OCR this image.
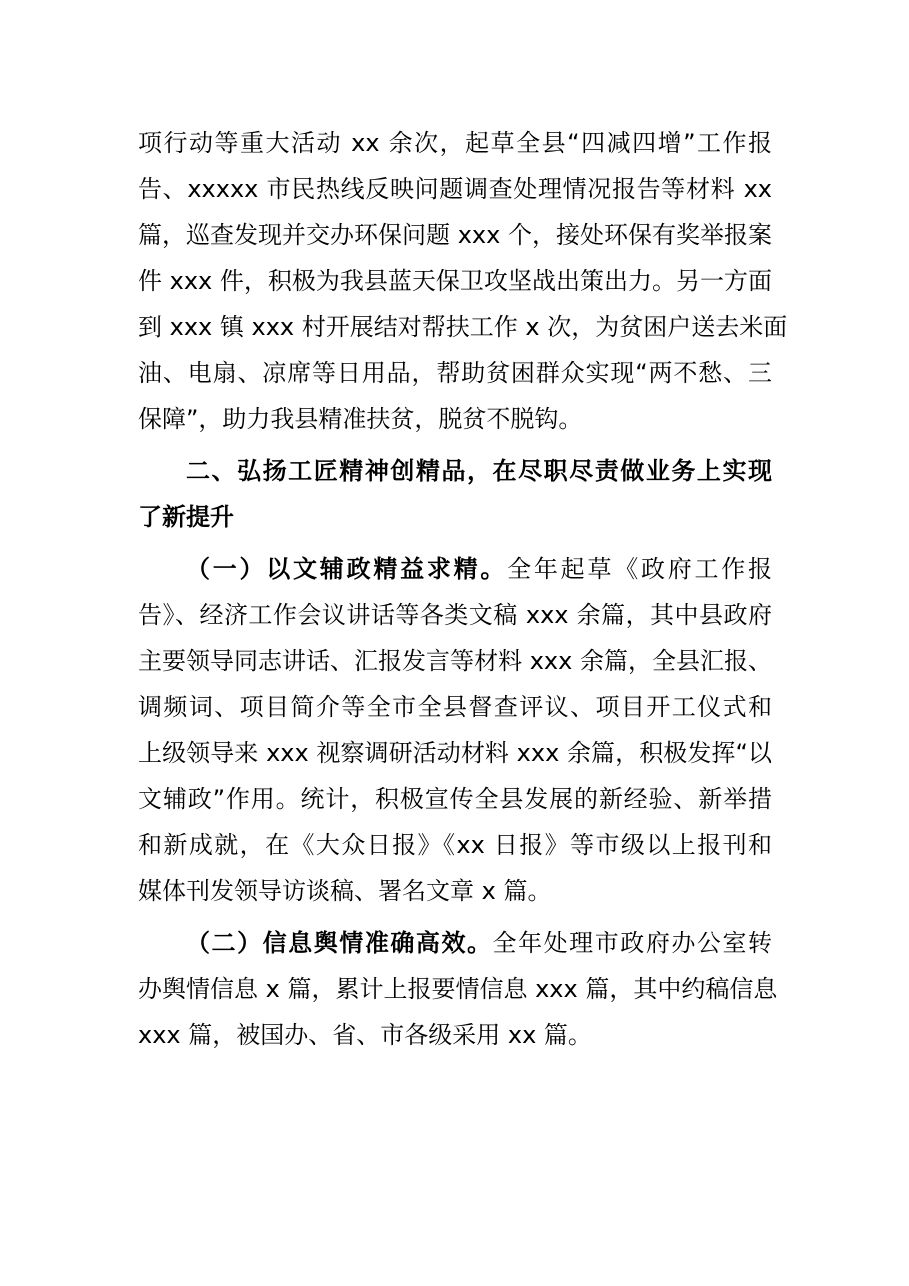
项行动等重大活动 xx 余次，起草全县“四减四增”工作报
告、xxxxx 市民热线反映问题调查处理情况报告等材料 xx
篇，巡查发现并交办环保问题 xxx 个，接处环保有奖举报案
件 xxx 件，积极为我县蓝天保卫攻坚战出策出力。另一方面
到 xxx 镇 xxx 村开展结对帮扶工作 x 次，为贫困户送去米面
油、电扇、凉席等日用品，帮助贫困群众实现“两不愁、三
保障”，助力我县精准扶贫，脱贫不脱钩。
二、弘扬工匠精神创精品，在尽职尽责做业务上实现
了新提升
（一）以文辅政精益求精。全年起草《政府工作报
告》、经济工作会议讲话等各类文稿 xxx 余篇，其中县政府
主要领导同志讲话、汇报发言等材料 xxx 余篇，全县汇报、
调频词、项目简介等全市全县督查评议、项目开工仪式和
上级领导来 xxx 视察调研活动材料 xxx 余篇，积极发挥“以
文辅政”作用。统计，积极宣传全县发展的新经验、新举措
和新成就，在《大众日报》《xx 日报》等市级以上报刊和
媒体刊发领导访谈稿、署名文章 x 篇。
（二）信息舆情准确高效。全年处理市政府办公室转
办舆情信息 x 篇，累计上报要情信息 xxx 篇，其中约稿信息
xxx 篇，被国办、省、市各级采用 xx 篇。
